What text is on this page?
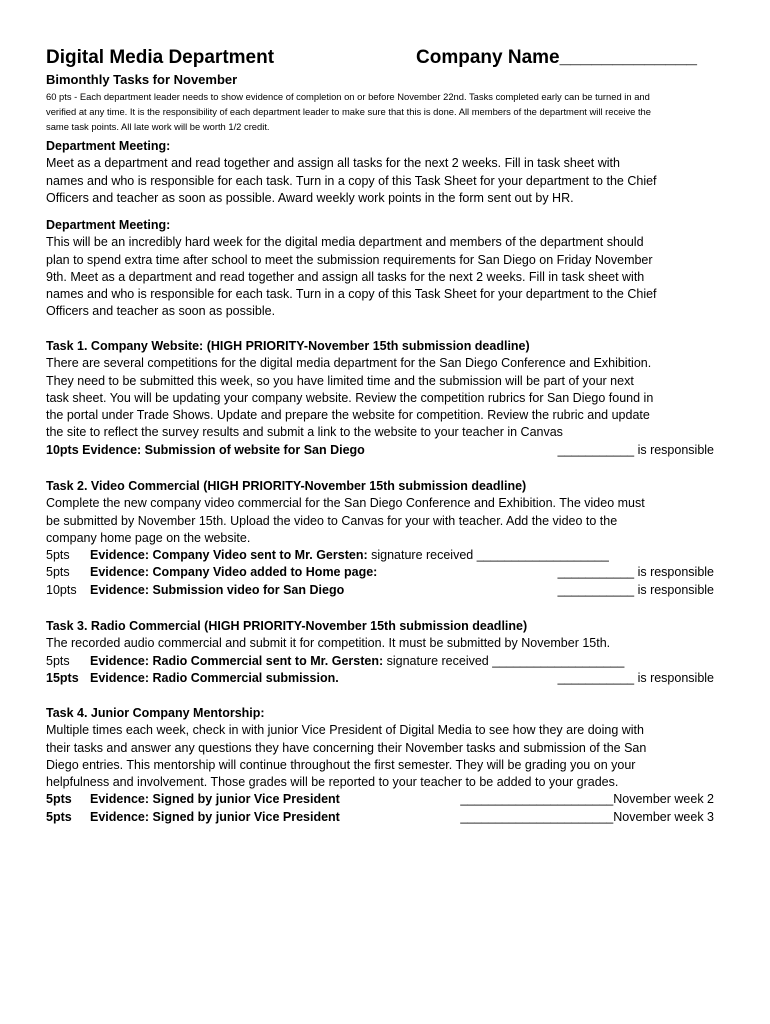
Digital Media Department	Company Name_____________
Bimonthly Tasks for November
60 pts - Each department leader needs to show evidence of completion on or before November 22nd. Tasks completed early can be turned in and
verified at any time. It is the responsibility of each department leader to make sure that this is done. All members of the department will receive the
same task points. All late work will be worth 1/2 credit.
Department Meeting:
Meet as a department and read together and assign all tasks for the next 2 weeks. Fill in task sheet with
names and who is responsible for each task. Turn in a copy of this Task Sheet for your department to the Chief
Officers and teacher as soon as possible. Award weekly work points in the form sent out by HR.
Department Meeting:
This will be an incredibly hard week for the digital media department and members of the department should
plan to spend extra time after school to meet the submission requirements for San Diego on Friday November
9th. Meet as a department and read together and assign all tasks for the next 2 weeks. Fill in task sheet with
names and who is responsible for each task. Turn in a copy of this Task Sheet for your department to the Chief
Officers and teacher as soon as possible.
Task 1. Company Website: (HIGH PRIORITY-November 15th submission deadline)
There are several competitions for the digital media department for the San Diego Conference and Exhibition.
They need to be submitted this week, so you have limited time and the submission will be part of your next
task sheet. You will be updating your company website. Review the competition rubrics for San Diego found in
the portal under Trade Shows. Update and prepare the website for competition. Review the rubric and update
the site to reflect the survey results and submit a link to the website to your teacher in Canvas
10pts Evidence: Submission of website for San Diego	___________ is responsible
Task 2. Video Commercial (HIGH PRIORITY-November 15th submission deadline)
Complete the new company video commercial for the San Diego Conference and Exhibition. The video must
be submitted by November 15th. Upload the video to Canvas for your with teacher. Add the video to the
company home page on the website.
5pts Evidence: Company Video sent to Mr. Gersten: signature received ___________________
5pts Evidence: Company Video added to Home page:	___________ is responsible
10pts Evidence: Submission video for San Diego	___________ is responsible
Task 3. Radio Commercial (HIGH PRIORITY-November 15th submission deadline)
The recorded audio commercial and submit it for competition. It must be submitted by November 15th.
5pts Evidence: Radio Commercial sent to Mr. Gersten: signature received ___________________
15pts Evidence: Radio Commercial submission.	___________ is responsible
Task 4. Junior Company Mentorship:
Multiple times each week, check in with junior Vice President of Digital Media to see how they are doing with
their tasks and answer any questions they have concerning their November tasks and submission of the San
Diego entries. This mentorship will continue throughout the first semester. They will be grading you on your
helpfulness and involvement. Those grades will be reported to your teacher to be added to your grades.
5pts Evidence: Signed by junior Vice President	______________________November week 2
5pts Evidence: Signed by junior Vice President	______________________November week 3
